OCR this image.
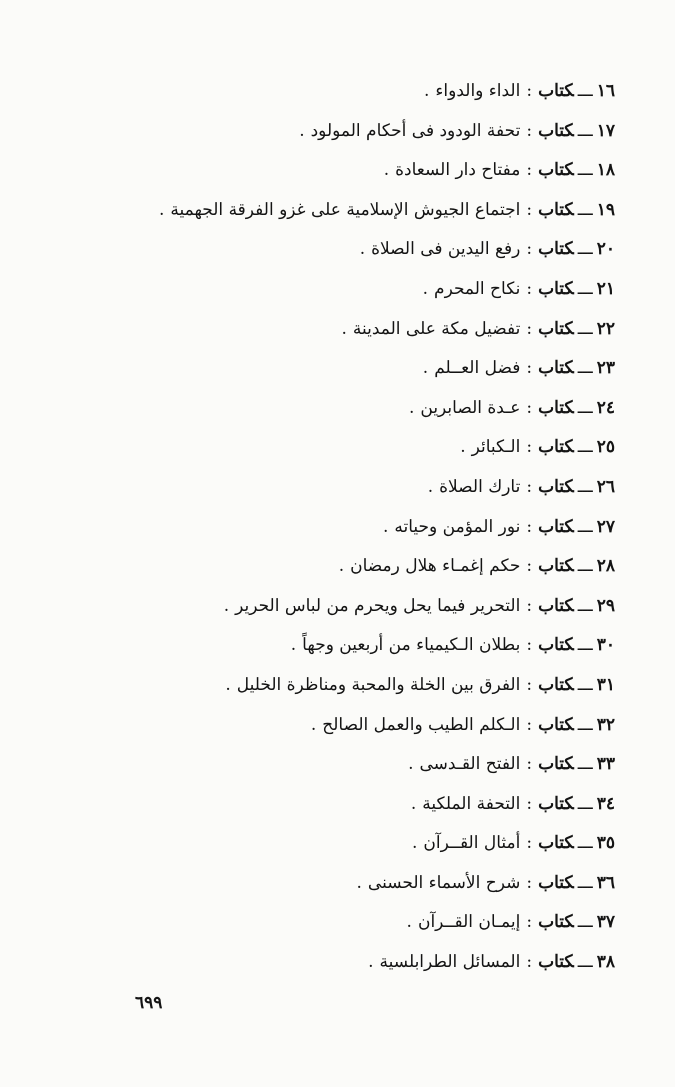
١٦ـــكتاب:الداء والدواء.
١٧ـــكتاب:تحفة الودود فى أحكام المولود.
١٨ـــكتاب:مفتاح دار السعادة.
١٩ـــكتاب:اجتماع الجيوش الإسلامية على غزو الفرقة الجهمية.
٢٠ـــكتاب:رفع اليدين فى الصلاة.
٢١ـــكتاب:نكاح المحرم.
٢٢ـــكتاب:تفضيل مكة على المدينة.
٢٣ـــكتاب:فضل العــلم.
٢٤ـــكتاب:عـدة الصابرين.
٢٥ـــكتاب:الـكبائر.
٢٦ـــكتاب:تارك الصلاة.
٢٧ـــكتاب:نور المؤمن وحياته.
٢٨ـــكتاب:حكم إغمـاء هلال رمضان.
٢٩ـــكتاب:التحرير فيما يحل ويحرم من لباس الحرير.
٣٠ـــكتاب:بطلان الـكيمياء من أربعين وجهاً.
٣١ـــكتاب:الفرق بين الخلة والمحبة ومناظرة الخليل.
٣٢ـــكتاب:الـكلم الطيب والعمل الصالح.
٣٣ـــكتاب:الفتح القـدسى.
٣٤ـــكتاب:التحفة الملكية.
٣٥ـــكتاب:أمثال القــرآن.
٣٦ـــكتاب:شرح الأسماء الحسنى.
٣٧ـــكتاب:إيمـان القــرآن.
٣٨ـــكتاب:المسائل الطرابلسية.
٦٩٩
